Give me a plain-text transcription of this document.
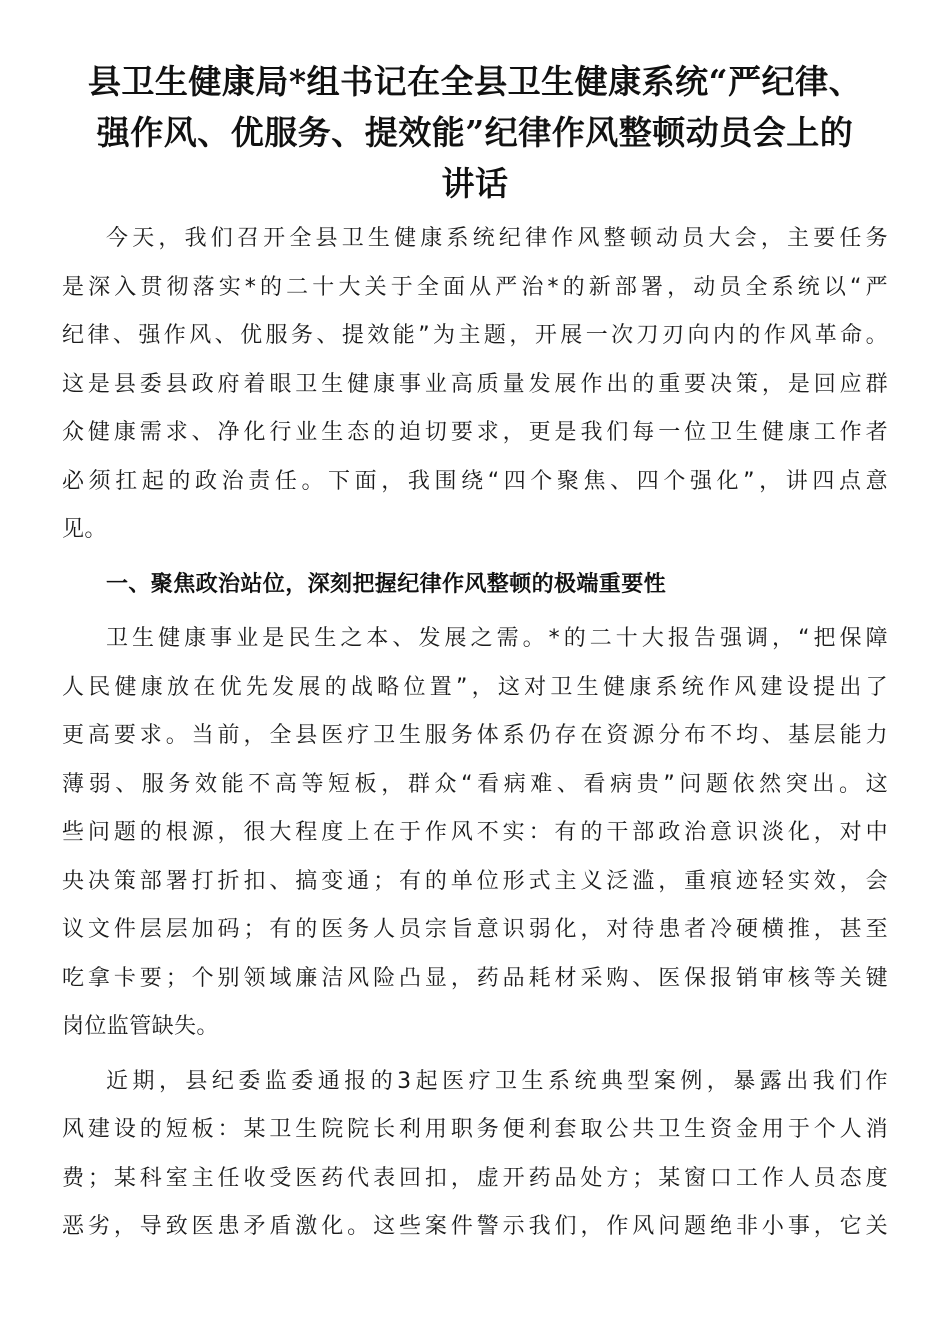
县卫生健康局*组书记在全县卫生健康系统“严纪律、
强作风、优服务、提效能”纪律作风整顿动员会上的
讲话

今天，我们召开全县卫生健康系统纪律作风整顿动员大会，主要任务
是深入贯彻落实*的二十大关于全面从严治*的新部署，动员全系统以“严
纪律、强作风、优服务、提效能”为主题，开展一次刀刃向内的作风革命。
这是县委县政府着眼卫生健康事业高质量发展作出的重要决策，是回应群
众健康需求、净化行业生态的迫切要求，更是我们每一位卫生健康工作者
必须扛起的政治责任。下面，我围绕“四个聚焦、四个强化”，讲四点意
见。

一、聚焦政治站位，深刻把握纪律作风整顿的极端重要性

卫生健康事业是民生之本、发展之需。*的二十大报告强调，“把保障
人民健康放在优先发展的战略位置”，这对卫生健康系统作风建设提出了
更高要求。当前，全县医疗卫生服务体系仍存在资源分布不均、基层能力
薄弱、服务效能不高等短板，群众“看病难、看病贵”问题依然突出。这
些问题的根源，很大程度上在于作风不实：有的干部政治意识淡化，对中
央决策部署打折扣、搞变通；有的单位形式主义泛滥，重痕迹轻实效，会
议文件层层加码；有的医务人员宗旨意识弱化，对待患者冷硬横推，甚至
吃拿卡要；个别领域廉洁风险凸显，药品耗材采购、医保报销审核等关键
岗位监管缺失。

近期，县纪委监委通报的3起医疗卫生系统典型案例，暴露出我们作
风建设的短板：某卫生院院长利用职务便利套取公共卫生资金用于个人消
费；某科室主任收受医药代表回扣，虚开药品处方；某窗口工作人员态度
恶劣，导致医患矛盾激化。这些案件警示我们，作风问题绝非小事，它关
